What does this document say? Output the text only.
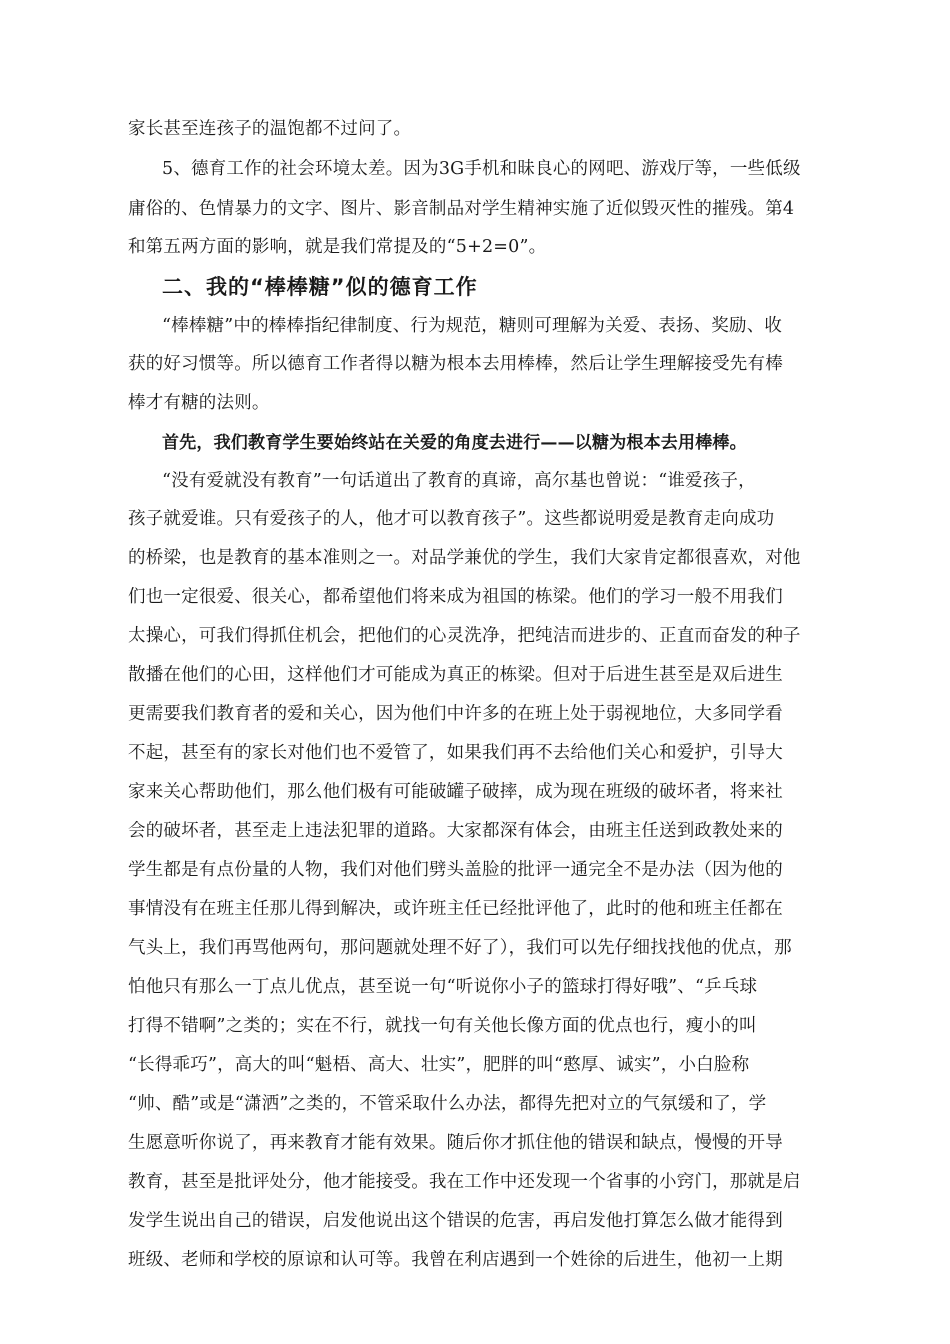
家长甚至连孩子的温饱都不过问了。
5、德育工作的社会环境太差。因为3G手机和昧良心的网吧、游戏厅等，一些低级
庸俗的、色情暴力的文字、图片、影音制品对学生精神实施了近似毁灭性的摧残。第4
和第五两方面的影响，就是我们常提及的“5+2=0”。
二、我的“棒棒糖”似的德育工作
“棒棒糖”中的棒棒指纪律制度、行为规范，糖则可理解为关爱、表扬、奖励、收
获的好习惯等。所以德育工作者得以糖为根本去用棒棒，然后让学生理解接受先有棒
棒才有糖的法则。
首先，我们教育学生要始终站在关爱的角度去进行——以糖为根本去用棒棒。
“没有爱就没有教育”一句话道出了教育的真谛，高尔基也曾说：“谁爱孩子，
孩子就爱谁。只有爱孩子的人，他才可以教育孩子”。这些都说明爱是教育走向成功
的桥梁，也是教育的基本准则之一。对品学兼优的学生，我们大家肯定都很喜欢，对他
们也一定很爱、很关心，都希望他们将来成为祖国的栋梁。他们的学习一般不用我们
太操心，可我们得抓住机会，把他们的心灵洗净，把纯洁而进步的、正直而奋发的种子
散播在他们的心田，这样他们才可能成为真正的栋梁。但对于后进生甚至是双后进生
更需要我们教育者的爱和关心，因为他们中许多的在班上处于弱视地位，大多同学看
不起，甚至有的家长对他们也不爱管了，如果我们再不去给他们关心和爱护，引导大
家来关心帮助他们，那么他们极有可能破罐子破摔，成为现在班级的破坏者，将来社
会的破坏者，甚至走上违法犯罪的道路。大家都深有体会，由班主任送到政教处来的
学生都是有点份量的人物，我们对他们劈头盖脸的批评一通完全不是办法（因为他的
事情没有在班主任那儿得到解决，或许班主任已经批评他了，此时的他和班主任都在
气头上，我们再骂他两句，那问题就处理不好了），我们可以先仔细找找他的优点，那
怕他只有那么一丁点儿优点，甚至说一句“听说你小子的篮球打得好哦”、“乒乓球
打得不错啊”之类的；实在不行，就找一句有关他长像方面的优点也行，瘦小的叫
“长得乖巧”，高大的叫“魁梧、高大、壮实”，肥胖的叫“憨厚、诚实”，小白脸称
“帅、酷”或是“潇洒”之类的，不管采取什么办法，都得先把对立的气氛缓和了，学
生愿意听你说了，再来教育才能有效果。随后你才抓住他的错误和缺点，慢慢的开导
教育，甚至是批评处分，他才能接受。我在工作中还发现一个省事的小窍门，那就是启
发学生说出自己的错误，启发他说出这个错误的危害，再启发他打算怎么做才能得到
班级、老师和学校的原谅和认可等。我曾在利店遇到一个姓徐的后进生，他初一上期
